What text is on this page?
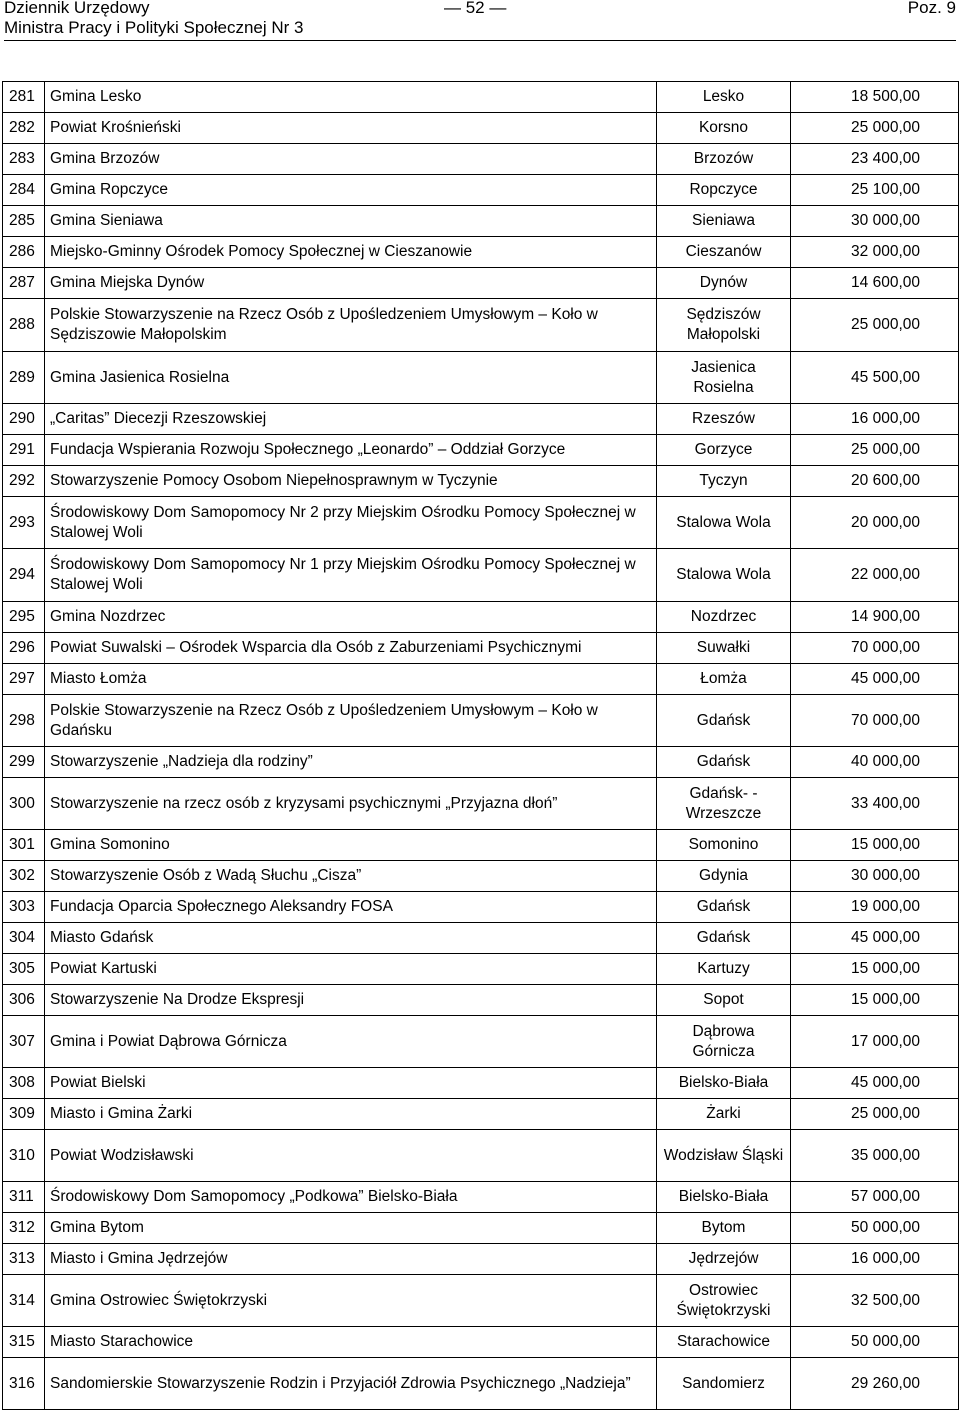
Dziennik Urzędowy
Ministra Pracy i Polityki Społecznej Nr 3
— 52 —	Poz. 9
281	Gmina Lesko	Lesko	18 500,00
282	Powiat Krośnieński	Korsno	25 000,00
283	Gmina Brzozów	Brzozów	23 400,00
284	Gmina Ropczyce	Ropczyce	25 100,00
285	Gmina Sieniawa	Sieniawa	30 000,00
286	Miejsko-Gminny Ośrodek Pomocy Społecznej w Cieszanowie	Cieszanów	32 000,00
287	Gmina Miejska Dynów	Dynów	14 600,00
288	Polskie Stowarzyszenie na Rzecz Osób z Upośledzeniem Umysłowym – Koło w Sędziszowie Małopolskim	Sędziszów Małopolski	25 000,00
289	Gmina Jasienica Rosielna	Jasienica Rosielna	45 500,00
290	„Caritas” Diecezji Rzeszowskiej	Rzeszów	16 000,00
291	Fundacja Wspierania Rozwoju Społecznego „Leonardo” – Oddział Gorzyce	Gorzyce	25 000,00
292	Stowarzyszenie Pomocy Osobom Niepełnosprawnym w Tyczynie	Tyczyn	20 600,00
293	Środowiskowy Dom Samopomocy Nr 2 przy Miejskim Ośrodku Pomocy Społecznej w Stalowej Woli	Stalowa Wola	20 000,00
294	Środowiskowy Dom Samopomocy Nr 1 przy Miejskim Ośrodku Pomocy Społecznej w Stalowej Woli	Stalowa Wola	22 000,00
295	Gmina Nozdrzec	Nozdrzec	14 900,00
296	Powiat Suwalski – Ośrodek Wsparcia dla Osób z Zaburzeniami Psychicznymi	Suwałki	70 000,00
297	Miasto Łomża	Łomża	45 000,00
298	Polskie Stowarzyszenie na Rzecz Osób z Upośledzeniem Umysłowym – Koło w Gdańsku	Gdańsk	70 000,00
299	Stowarzyszenie „Nadzieja dla rodziny”	Gdańsk	40 000,00
300	Stowarzyszenie na rzecz osób z kryzysami psychicznymi „Przyjazna dłoń”	Gdańsk- -Wrzeszcze	33 400,00
301	Gmina Somonino	Somonino	15 000,00
302	Stowarzyszenie Osób z Wadą Słuchu „Cisza”	Gdynia	30 000,00
303	Fundacja Oparcia Społecznego Aleksandry FOSA	Gdańsk	19 000,00
304	Miasto Gdańsk	Gdańsk	45 000,00
305	Powiat Kartuski	Kartuzy	15 000,00
306	Stowarzyszenie Na Drodze Ekspresji	Sopot	15 000,00
307	Gmina i Powiat Dąbrowa Górnicza	Dąbrowa Górnicza	17 000,00
308	Powiat Bielski	Bielsko-Biała	45 000,00
309	Miasto i Gmina Żarki	Żarki	25 000,00
310	Powiat Wodzisławski	Wodzisław Śląski	35 000,00
311	Środowiskowy Dom Samopomocy „Podkowa” Bielsko-Biała	Bielsko-Biała	57 000,00
312	Gmina Bytom	Bytom	50 000,00
313	Miasto i Gmina Jędrzejów	Jędrzejów	16 000,00
314	Gmina Ostrowiec Świętokrzyski	Ostrowiec Świętokrzyski	32 500,00
315	Miasto Starachowice	Starachowice	50 000,00
316	Sandomierskie Stowarzyszenie Rodzin i Przyjaciół Zdrowia Psychicznego „Nadzieja”	Sandomierz	29 260,00
